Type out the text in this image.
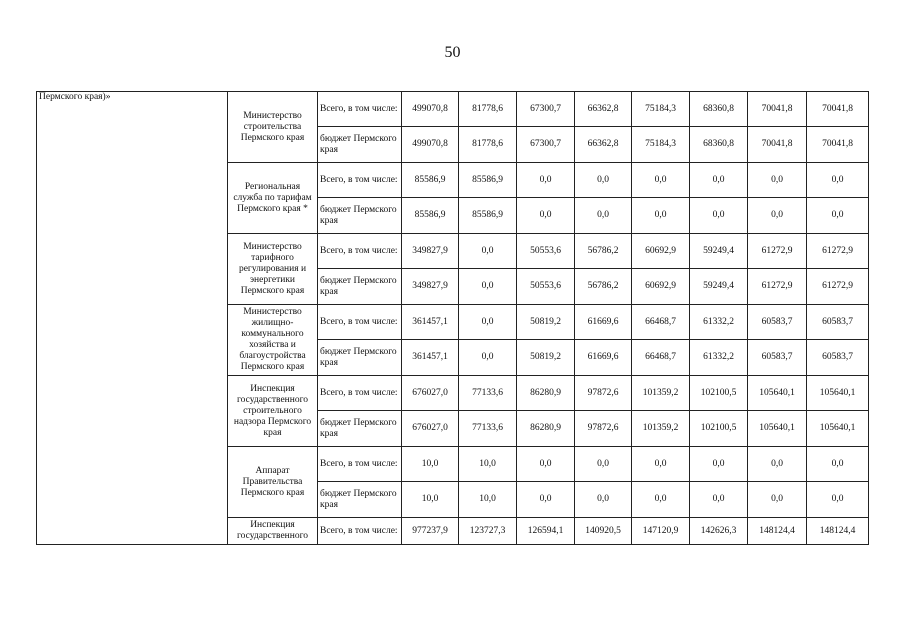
50
Пермского края)»	Министерство строительства Пермского края	Всего, в том числе:	499070,8	81778,6	67300,7	66362,8	75184,3	68360,8	70041,8	70041,8
		бюджет Пермского края	499070,8	81778,6	67300,7	66362,8	75184,3	68360,8	70041,8	70041,8
	Региональная служба по тарифам Пермского края *	Всего, в том числе:	85586,9	85586,9	0,0	0,0	0,0	0,0	0,0	0,0
		бюджет Пермского края	85586,9	85586,9	0,0	0,0	0,0	0,0	0,0	0,0
	Министерство тарифного регулирования и энергетики Пермского края	Всего, в том числе:	349827,9	0,0	50553,6	56786,2	60692,9	59249,4	61272,9	61272,9
		бюджет Пермского края	349827,9	0,0	50553,6	56786,2	60692,9	59249,4	61272,9	61272,9
	Министерство жилищно-коммунального хозяйства и благоустройства Пермского края	Всего, в том числе:	361457,1	0,0	50819,2	61669,6	66468,7	61332,2	60583,7	60583,7
		бюджет Пермского края	361457,1	0,0	50819,2	61669,6	66468,7	61332,2	60583,7	60583,7
	Инспекция государственного строительного надзора Пермского края	Всего, в том числе:	676027,0	77133,6	86280,9	97872,6	101359,2	102100,5	105640,1	105640,1
		бюджет Пермского края	676027,0	77133,6	86280,9	97872,6	101359,2	102100,5	105640,1	105640,1
	Аппарат Правительства Пермского края	Всего, в том числе:	10,0	10,0	0,0	0,0	0,0	0,0	0,0	0,0
		бюджет Пермского края	10,0	10,0	0,0	0,0	0,0	0,0	0,0	0,0
	Инспекция государственного	Всего, в том числе:	977237,9	123727,3	126594,1	140920,5	147120,9	142626,3	148124,4	148124,4
